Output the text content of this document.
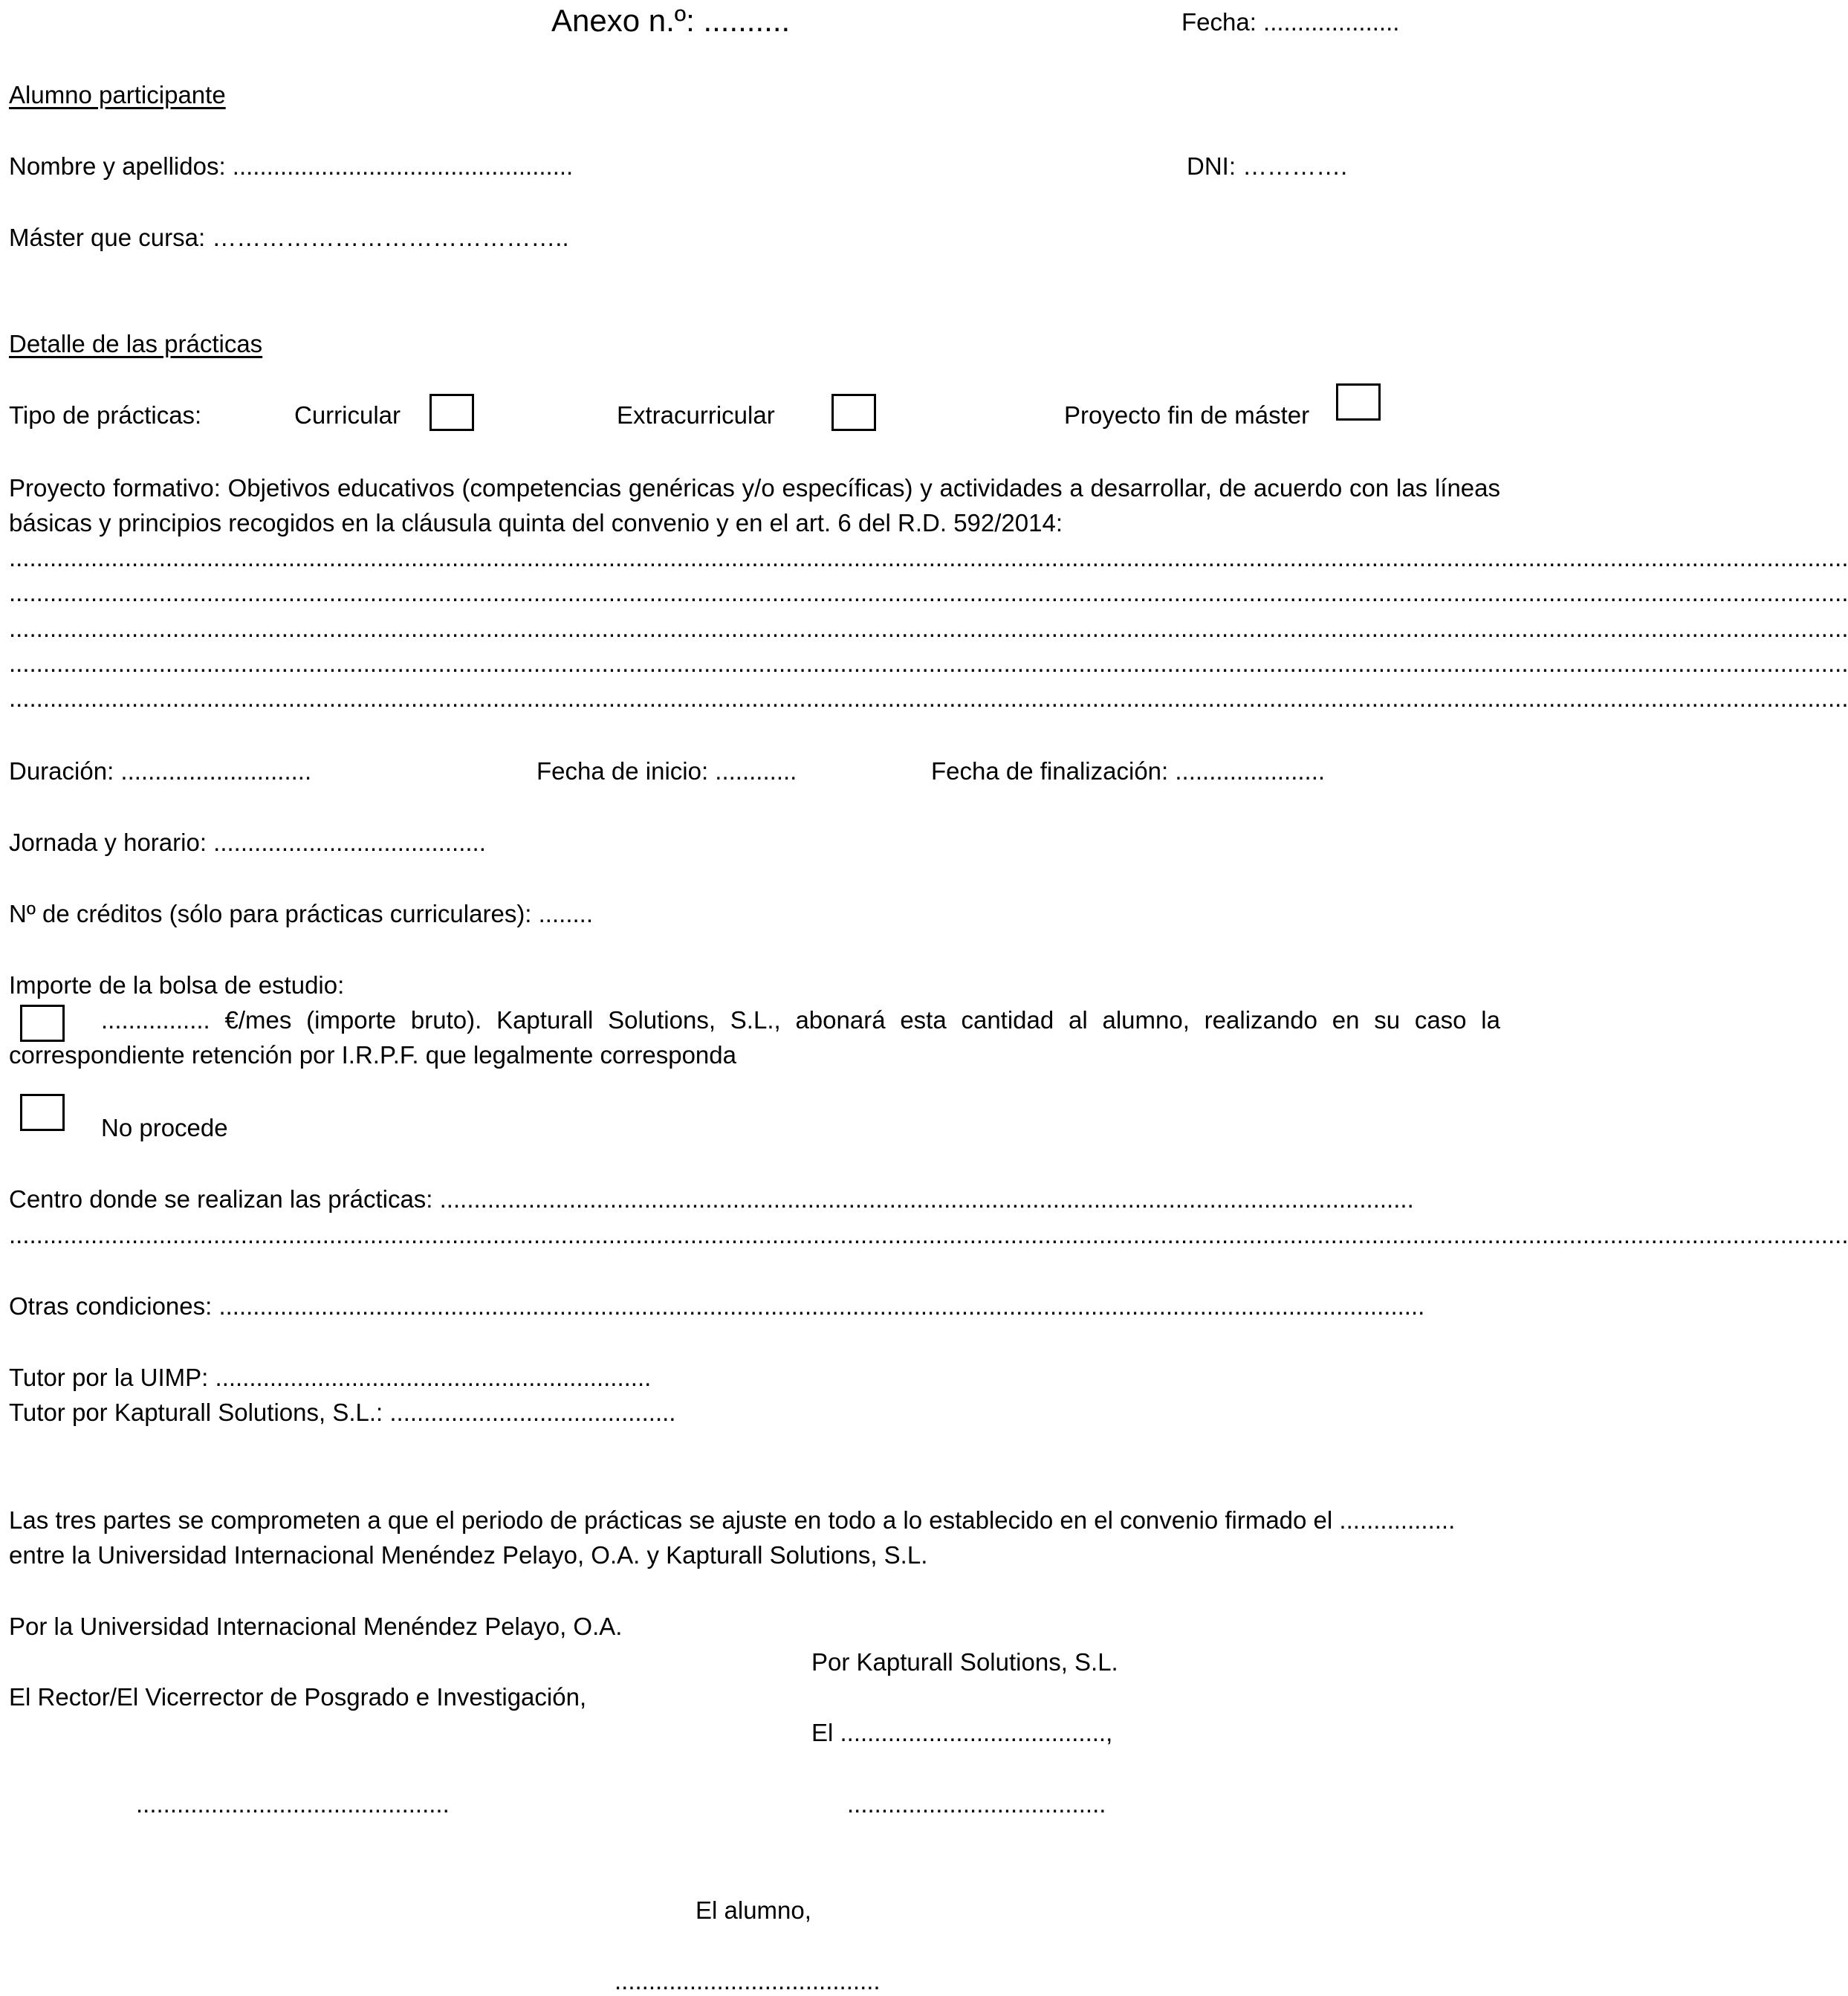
Anexo n.º: ..........	Fecha: ....................
Alumno participante
Nombre y apellidos: ..................................................	DNI: ………….
Máster que cursa: ……………………………………..
Detalle de las prácticas
Tipo de prácticas:	Curricular	Extracurricular	Proyecto fin de máster
Proyecto formativo: Objetivos educativos (competencias genéricas y/o específicas) y actividades a desarrollar, de acuerdo con las líneas básicas y principios recogidos en la cláusula quinta del convenio y en el art. 6 del R.D. 592/2014:
..............................................................................................................................................................................................................................................................................
..............................................................................................................................................................................................................................................................................
..............................................................................................................................................................................................................................................................................
..............................................................................................................................................................................................................................................................................
..............................................................................................................................................................................................................................................................................
Duración: ............................	Fecha de inicio: ............	Fecha de finalización: ......................
Jornada y horario: ........................................
Nº de créditos (sólo para prácticas curriculares): ........
Importe de la bolsa de estudio:
................ €/mes (importe bruto). Kapturall Solutions, S.L., abonará esta cantidad al alumno, realizando en su caso la correspondiente retención por I.R.P.F. que legalmente corresponda
No procede
Centro donde se realizan las prácticas: ...............................................................................................................................................
..............................................................................................................................................................................................................................................................................
Otras condiciones: .................................................................................................................................................................................
Tutor por la UIMP: ................................................................
Tutor por Kapturall Solutions, S.L.: ..........................................
Las tres partes se comprometen a que el periodo de prácticas se ajuste en todo a lo establecido en el convenio firmado el .................
entre la Universidad Internacional Menéndez Pelayo, O.A. y Kapturall Solutions, S.L.
Por la Universidad Internacional Menéndez Pelayo, O.A.
Por Kapturall Solutions, S.L.
El Rector/El Vicerrector de Posgrado e Investigación,
El .......................................,
..............................................	......................................
El alumno,
.......................................
